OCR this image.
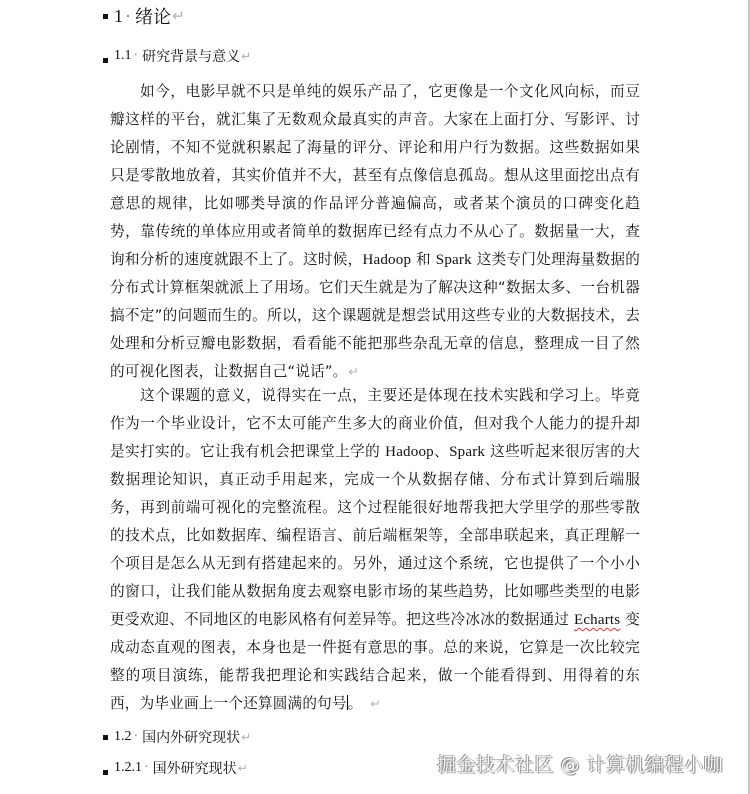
1 · 绪论 ↵
1.1 · 研究背景与意义 ↵

如今，电影早就不只是单纯的娱乐产品了，它更像是一个文化风向标，而豆瓣这样的平台，就汇集了无数观众最真实的声音。大家在上面打分、写影评、讨论剧情，不知不觉就积累起了海量的评分、评论和用户行为数据。这些数据如果只是零散地放着，其实价值并不大，甚至有点像信息孤岛。想从这里面挖出点有意思的规律，比如哪类导演的作品评分普遍偏高，或者某个演员的口碑变化趋势，靠传统的单体应用或者简单的数据库已经有点力不从心了。数据量一大，查询和分析的速度就跟不上了。这时候，Hadoop 和 Spark 这类专门处理海量数据的分布式计算框架就派上了用场。它们天生就是为了解决这种“数据太多、一台机器搞不定”的问题而生的。所以，这个课题就是想尝试用这些专业的大数据技术，去处理和分析豆瓣电影数据，看看能不能把那些杂乱无章的信息，整理成一目了然的可视化图表，让数据自己“说话”。↵

这个课题的意义，说得实在一点，主要还是体现在技术实践和学习上。毕竟作为一个毕业设计，它不太可能产生多大的商业价值，但对我个人能力的提升却是实打实的。它让我有机会把课堂上学的 Hadoop、Spark 这些听起来很厉害的大数据理论知识，真正动手用起来，完成一个从数据存储、分布式计算到后端服务，再到前端可视化的完整流程。这个过程能很好地帮我把大学里学的那些零散的技术点，比如数据库、编程语言、前后端框架等，全部串联起来，真正理解一个项目是怎么从无到有搭建起来的。另外，通过这个系统，它也提供了一个小小的窗口，让我们能从数据角度去观察电影市场的某些趋势，比如哪些类型的电影更受欢迎、不同地区的电影风格有何差异等。把这些冷冰冰的数据通过 Echarts 变成动态直观的图表，本身也是一件挺有意思的事。总的来说，它算是一次比较完整的项目演练，能帮我把理论和实践结合起来，做一个能看得到、用得着的东西，为毕业画上一个还算圆满的句号。 ↵

1.2 · 国内外研究现状 ↵
1.2.1 · 国外研究现状 ↵	掘金技术社区 @ 计算机编程小咖
